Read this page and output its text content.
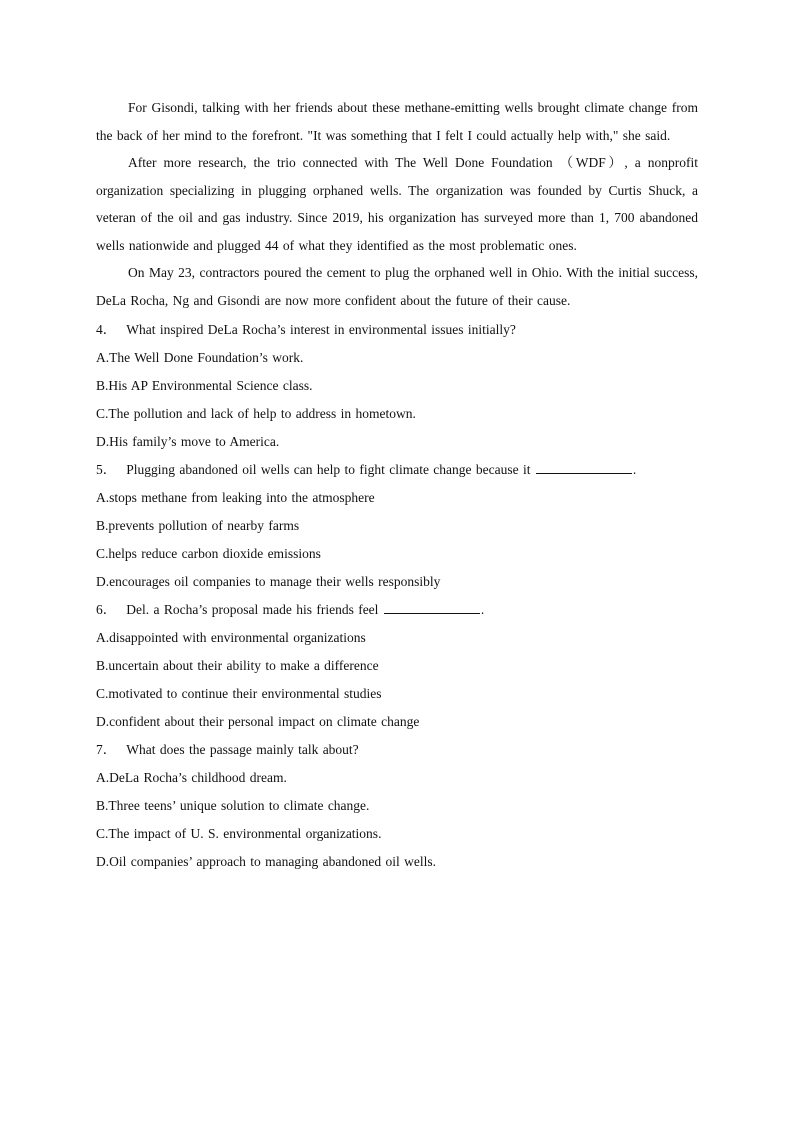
For Gisondi, talking with her friends about these methane-emitting wells brought climate change from the back of her mind to the forefront. "It was something that I felt I could actually help with," she said.

After more research, the trio connected with The Well Done Foundation （WDF）, a nonprofit organization specializing in plugging orphaned wells. The organization was founded by Curtis Shuck, a veteran of the oil and gas industry. Since 2019, his organization has surveyed more than 1, 700 abandoned wells nationwide and plugged 44 of what they identified as the most problematic ones.

On May 23, contractors poured the cement to plug the orphaned well in Ohio. With the initial success, DeLa Rocha, Ng and Gisondi are now more confident about the future of their cause.

4． What inspired DeLa Rocha’s interest in environmental issues initially?

A.The Well Done Foundation’s work.

B.His AP Environmental Science class.

C.The pollution and lack of help to address in hometown.

D.His family’s move to America.

5． Plugging abandoned oil wells can help to fight climate change because it	.

A.stops methane from leaking into the atmosphere

B.prevents pollution of nearby farms

C.helps reduce carbon dioxide emissions

D.encourages oil companies to manage their wells responsibly

6． Del. a Rocha’s proposal made his friends feel	.

A.disappointed with environmental organizations

B.uncertain about their ability to make a difference

C.motivated to continue their environmental studies

D.confident about their personal impact on climate change

7． What does the passage mainly talk about?

A.DeLa Rocha’s childhood dream.

B.Three teens’ unique solution to climate change.

C.The impact of U. S. environmental organizations.

D.Oil companies’ approach to managing abandoned oil wells.
